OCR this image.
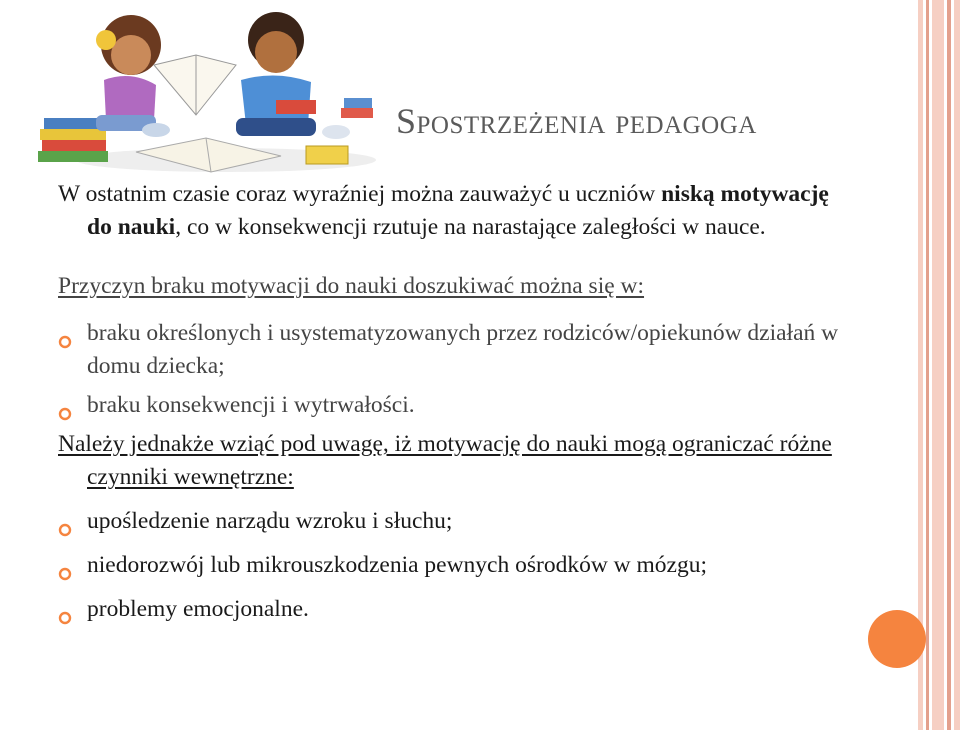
Spostrzeżenia pedagoga
W ostatnim czasie coraz wyraźniej można zauważyć u uczniów niską motywację do nauki, co w konsekwencji rzutuje na narastające zaległości w nauce.
Przyczyn braku motywacji do nauki doszukiwać można się w:
braku określonych i usystematyzowanych przez rodziców/opiekunów działań w domu dziecka;
braku konsekwencji i wytrwałości.
Należy jednakże wziąć pod uwagę, iż motywację do nauki mogą ograniczać różne czynniki wewnętrzne:
upośledzenie narządu wzroku i słuchu;
niedorozwój lub mikrouszkodzenia pewnych ośrodków w mózgu;
problemy emocjonalne.
